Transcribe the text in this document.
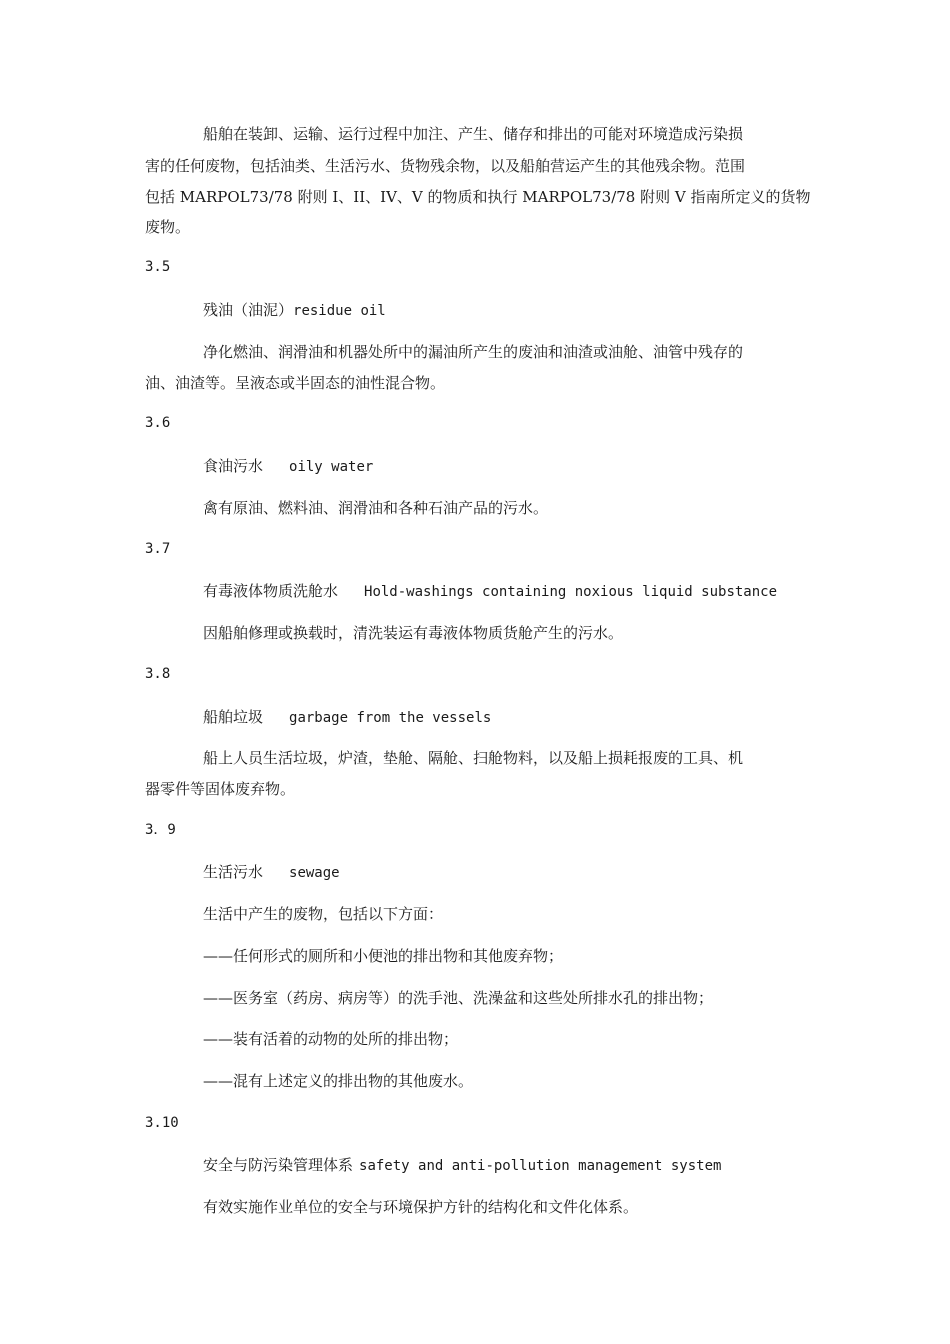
船舶在装卸、运输、运行过程中加注、产生、储存和排出的可能对环境造成污染损
害的任何废物，包括油类、生活污水、货物残余物，以及船舶营运产生的其他残余物。范围
包括 MARPOL73/78 附则 I、II、IV、V 的物质和执行 MARPOL73/78 附则 V 指南所定义的货物
废物。
3.5
残油（油泥）residue oil
净化燃油、润滑油和机器处所中的漏油所产生的废油和油渣或油舱、油管中残存的
油、油渣等。呈液态或半固态的油性混合物。
3.6
食油污水 oily water
禽有原油、燃料油、润滑油和各种石油产品的污水。
3.7
有毒液体物质洗舱水 Hold-washings containing noxious liquid substance
因船舶修理或换载时，清洗装运有毒液体物质货舱产生的污水。
3.8
船舶垃圾 garbage from the vessels
船上人员生活垃圾，炉渣，垫舱、隔舱、扫舱物料，以及船上损耗报废的工具、机
器零件等固体废弃物。
3．9
生活污水 sewage
生活中产生的废物，包括以下方面：
——任何形式的厕所和小便池的排出物和其他废弃物；
——医务室（药房、病房等）的洗手池、洗澡盆和这些处所排水孔的排出物；
——装有活着的动物的处所的排出物；
——混有上述定义的排出物的其他废水。
3.10
安全与防污染管理体系 safety and anti-pollution management system
有效实施作业单位的安全与环境保护方针的结构化和文件化体系。
